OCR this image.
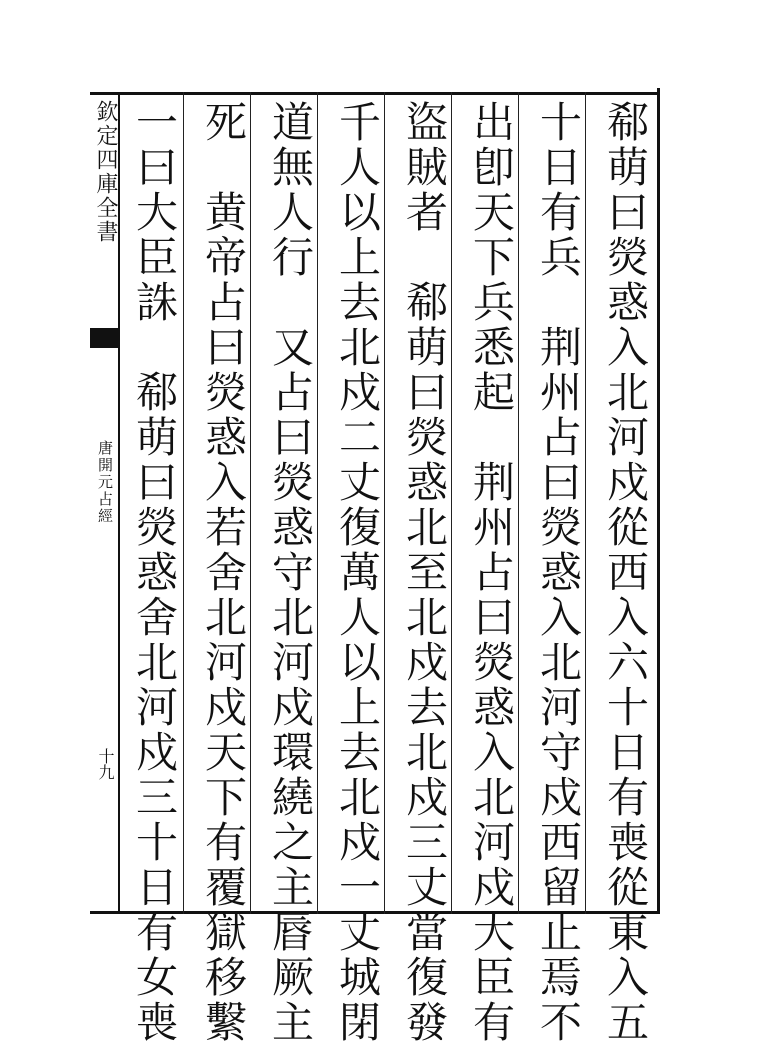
欽定四庫全書
唐開元占經
十九	郗萌曰熒惑入北河戍從西入六十日有喪從東入五
十日有兵　荆州占曰熒惑入北河守戍西留止焉不
出卽天下兵悉起　荆州占曰熒惑入北河戍大臣有
盜賊者　郗萌曰熒惑北至北戍去北戍三丈當復發
千人以上去北戍二丈復萬人以上去北戍一丈城閉
道無人行　又占曰熒惑守北河戍環繞之主㫳厥主
死　黄帝占曰熒惑入若舍北河戍天下有覆獄移繫
一曰大臣誅　郗萌曰熒惑舍北河戍三十日有女喪
